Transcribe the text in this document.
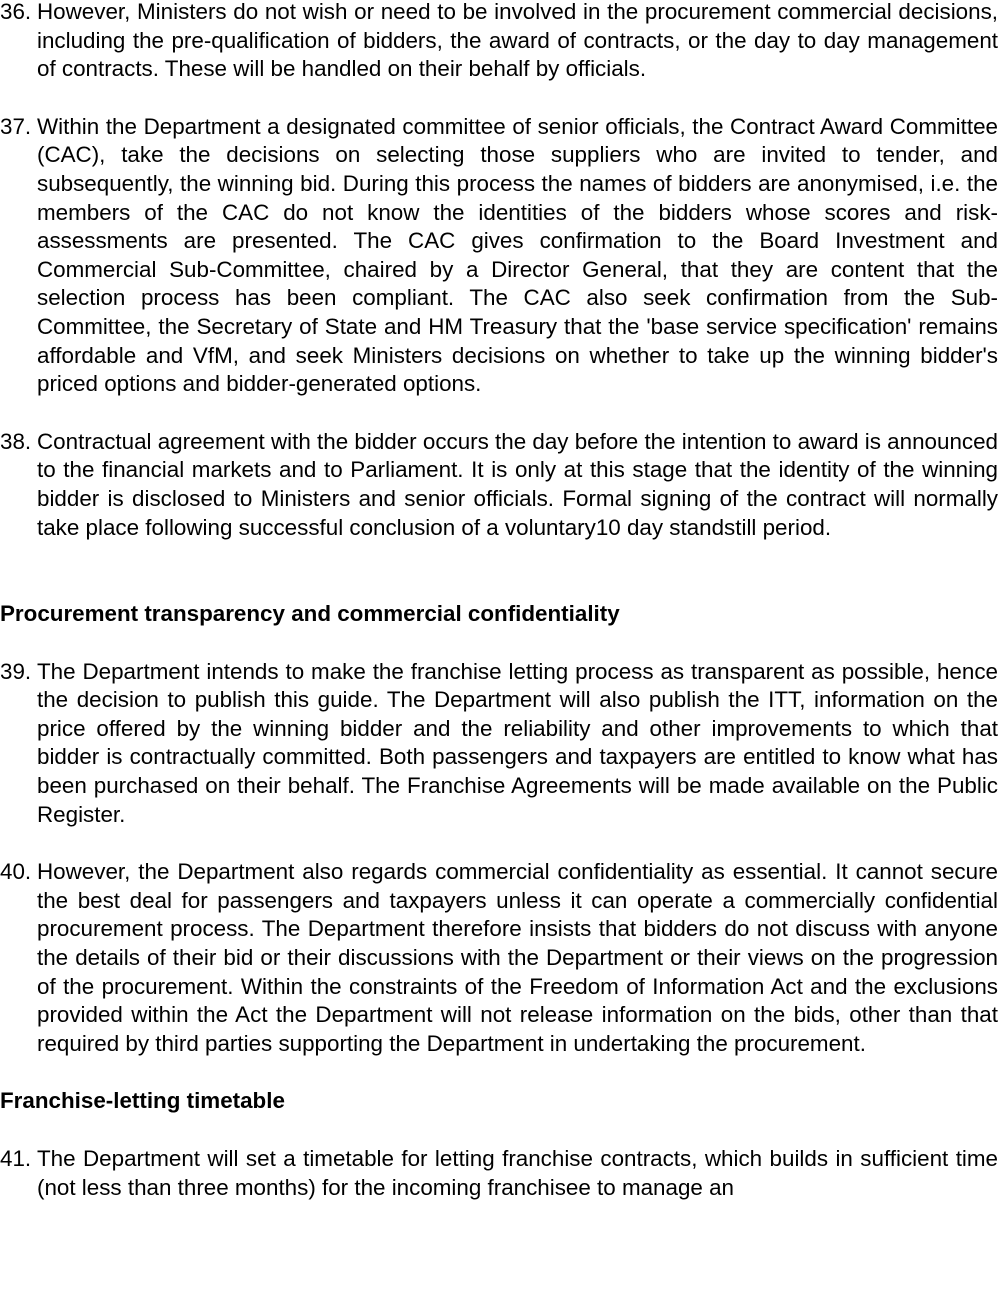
36. However, Ministers do not wish or need to be involved in the procurement commercial decisions, including the pre-qualification of bidders, the award of contracts, or the day to day management of contracts. These will be handled on their behalf by officials.
37. Within the Department a designated committee of senior officials, the Contract Award Committee (CAC), take the decisions on selecting those suppliers who are invited to tender, and subsequently, the winning bid. During this process the names of bidders are anonymised, i.e. the members of the CAC do not know the identities of the bidders whose scores and risk-assessments are presented. The CAC gives confirmation to the Board Investment and Commercial Sub-Committee, chaired by a Director General, that they are content that the selection process has been compliant. The CAC also seek confirmation from the Sub-Committee, the Secretary of State and HM Treasury that the 'base service specification' remains affordable and VfM, and seek Ministers decisions on whether to take up the winning bidder's priced options and bidder-generated options.
38. Contractual agreement with the bidder occurs the day before the intention to award is announced to the financial markets and to Parliament. It is only at this stage that the identity of the winning bidder is disclosed to Ministers and senior officials. Formal signing of the contract will normally take place following successful conclusion of a voluntary10 day standstill period.

Procurement transparency and commercial confidentiality

39. The Department intends to make the franchise letting process as transparent as possible, hence the decision to publish this guide. The Department will also publish the ITT, information on the price offered by the winning bidder and the reliability and other improvements to which that bidder is contractually committed. Both passengers and taxpayers are entitled to know what has been purchased on their behalf. The Franchise Agreements will be made available on the Public Register.
40. However, the Department also regards commercial confidentiality as essential. It cannot secure the best deal for passengers and taxpayers unless it can operate a commercially confidential procurement process. The Department therefore insists that bidders do not discuss with anyone the details of their bid or their discussions with the Department or their views on the progression of the procurement. Within the constraints of the Freedom of Information Act and the exclusions provided within the Act the Department will not release information on the bids, other than that required by third parties supporting the Department in undertaking the procurement.

Franchise-letting timetable

41. The Department will set a timetable for letting franchise contracts, which builds in sufficient time (not less than three months) for the incoming franchisee to manage an
